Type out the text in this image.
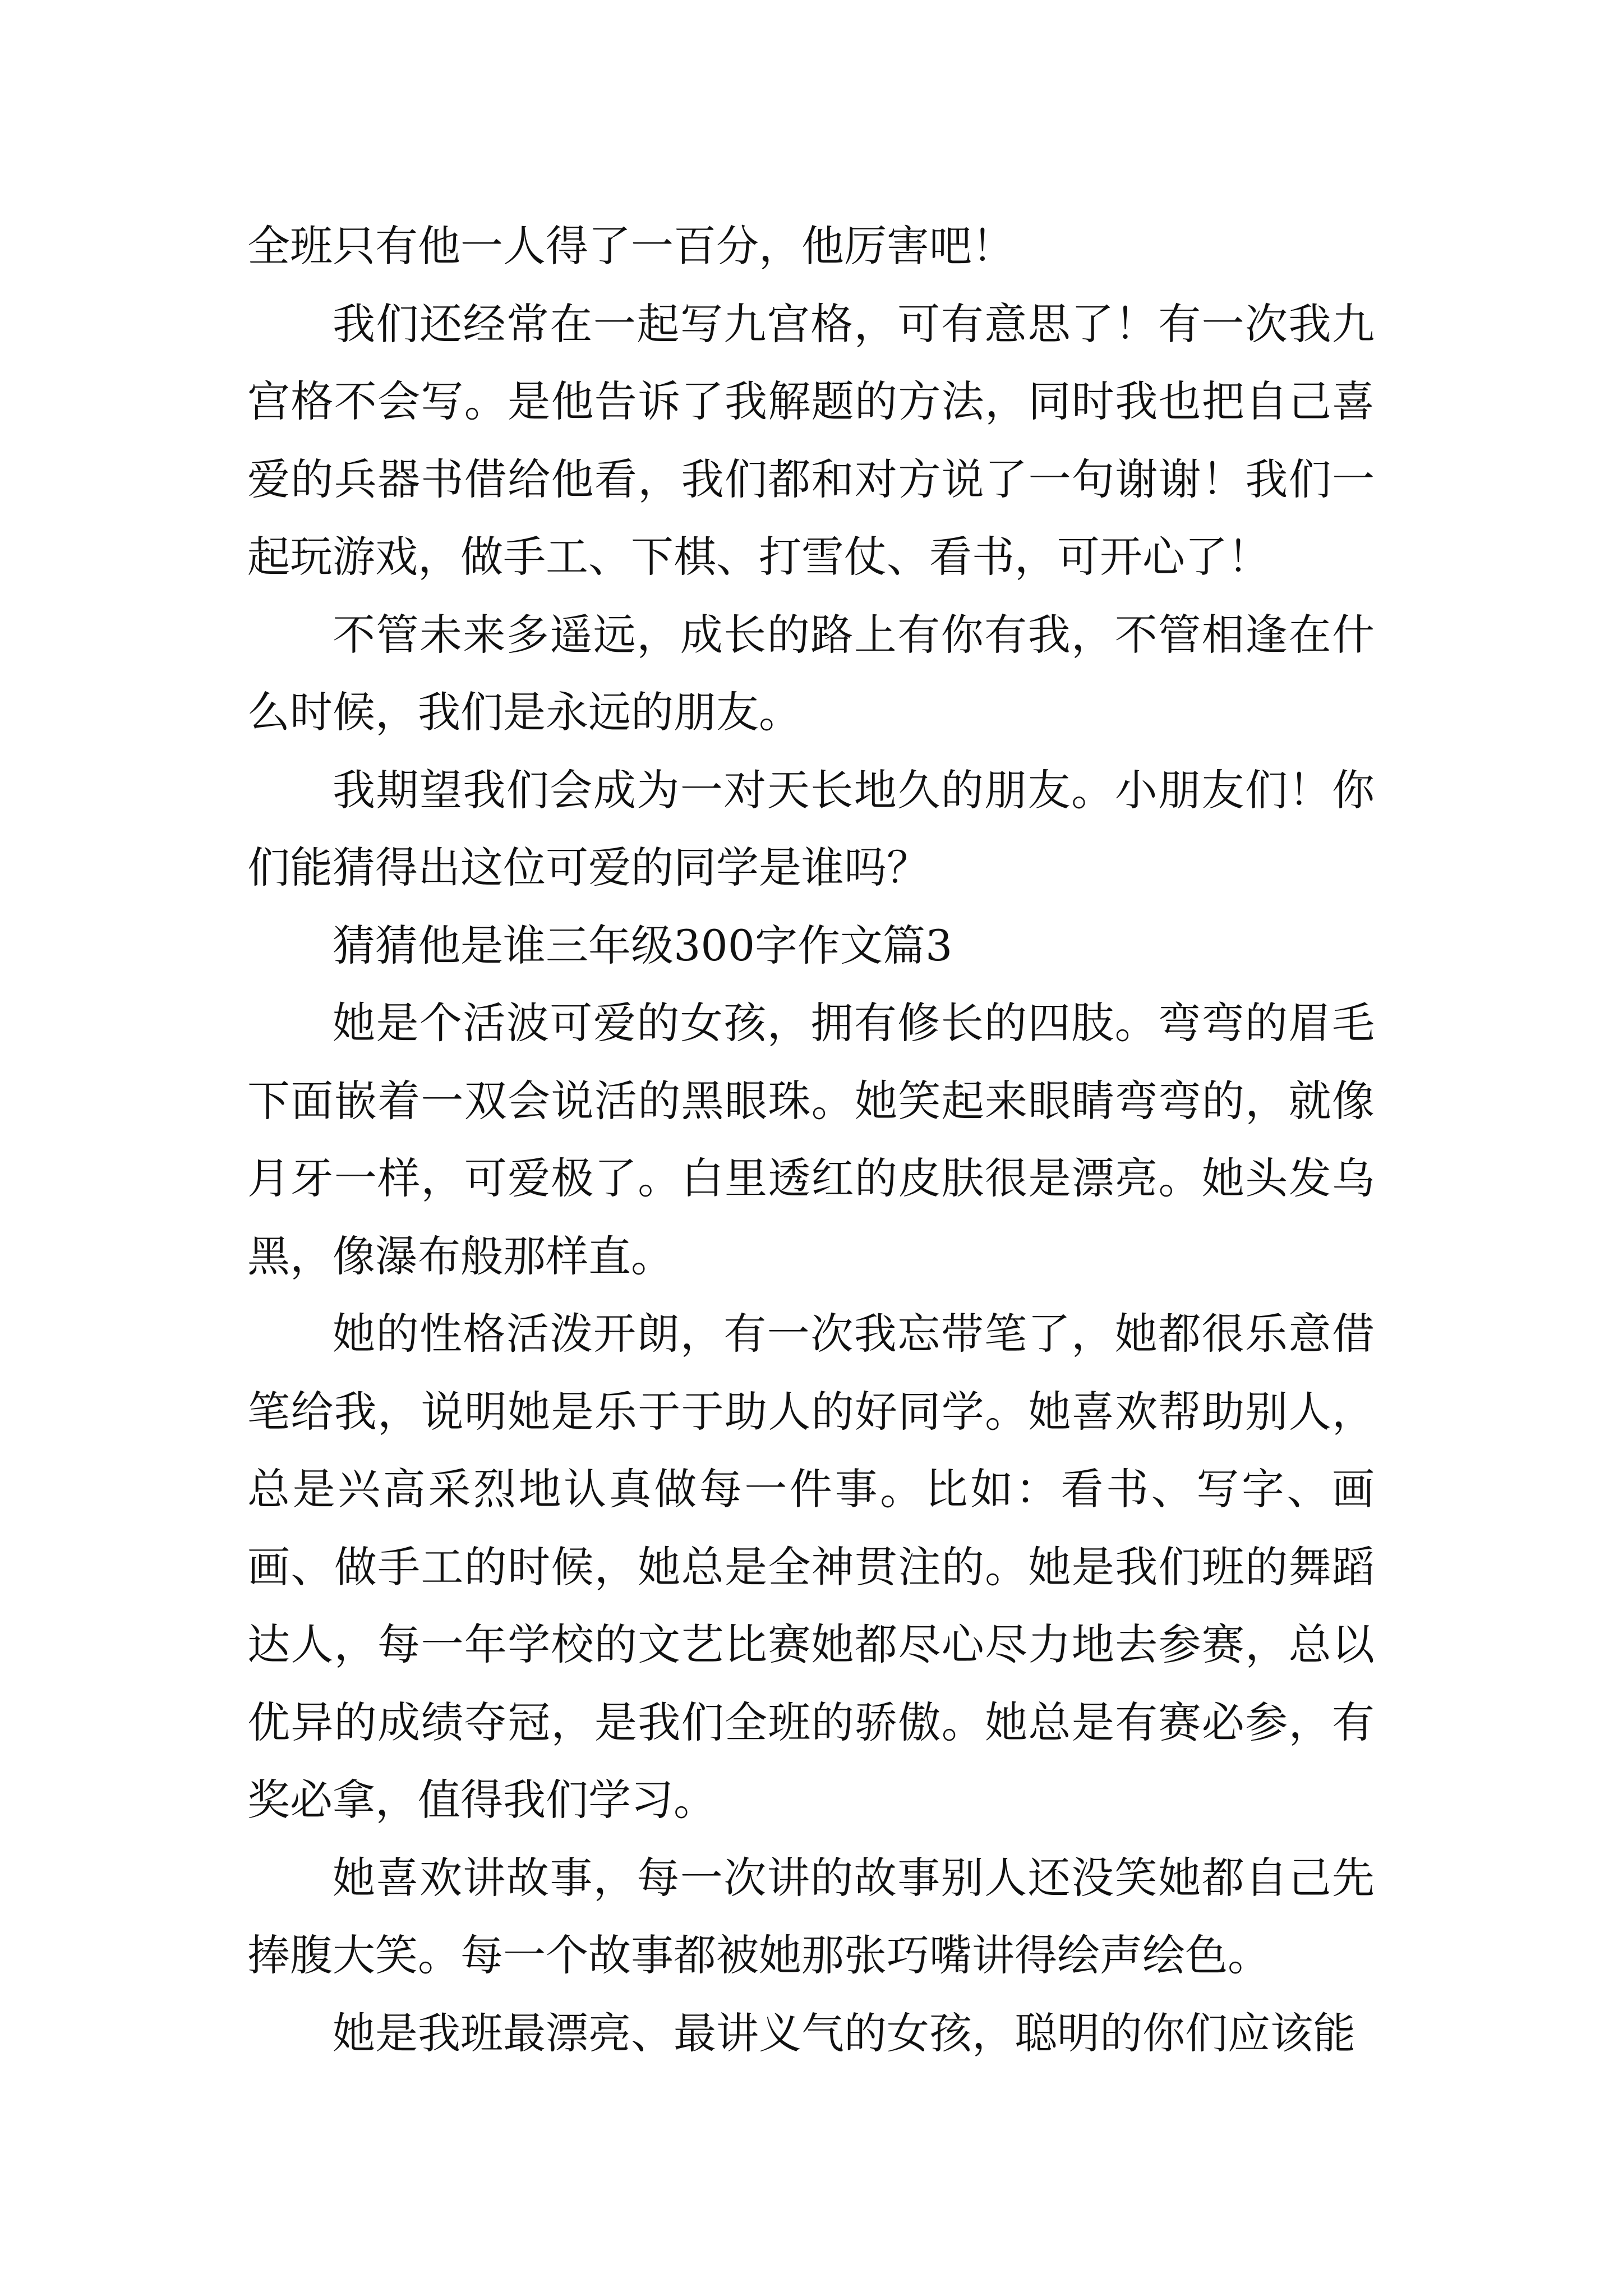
全班只有他一人得了一百分，他厉害吧！

我们还经常在一起写九宫格，可有意思了！有一次我九宫格不会写。是他告诉了我解题的方法，同时我也把自己喜爱的兵器书借给他看，我们都和对方说了一句谢谢！我们一起玩游戏，做手工、下棋、打雪仗、看书，可开心了！

不管未来多遥远，成长的路上有你有我，不管相逢在什么时候，我们是永远的朋友。

我期望我们会成为一对天长地久的朋友。小朋友们！你们能猜得出这位可爱的同学是谁吗？

猜猜他是谁三年级300字作文篇3

她是个活波可爱的女孩，拥有修长的四肢。弯弯的眉毛下面嵌着一双会说活的黑眼珠。她笑起来眼睛弯弯的，就像月牙一样，可爱极了。白里透红的皮肤很是漂亮。她头发乌黑，像瀑布般那样直。

她的性格活泼开朗，有一次我忘带笔了，她都很乐意借笔给我，说明她是乐于于助人的好同学。她喜欢帮助别人，总是兴高采烈地认真做每一件事。比如：看书、写字、画画、做手工的时候，她总是全神贯注的。她是我们班的舞蹈达人，每一年学校的文艺比赛她都尽心尽力地去参赛，总以优异的成绩夺冠，是我们全班的骄傲。她总是有赛必参，有奖必拿，值得我们学习。

她喜欢讲故事，每一次讲的故事别人还没笑她都自己先捧腹大笑。每一个故事都被她那张巧嘴讲得绘声绘色。

她是我班最漂亮、最讲义气的女孩，聪明的你们应该能
